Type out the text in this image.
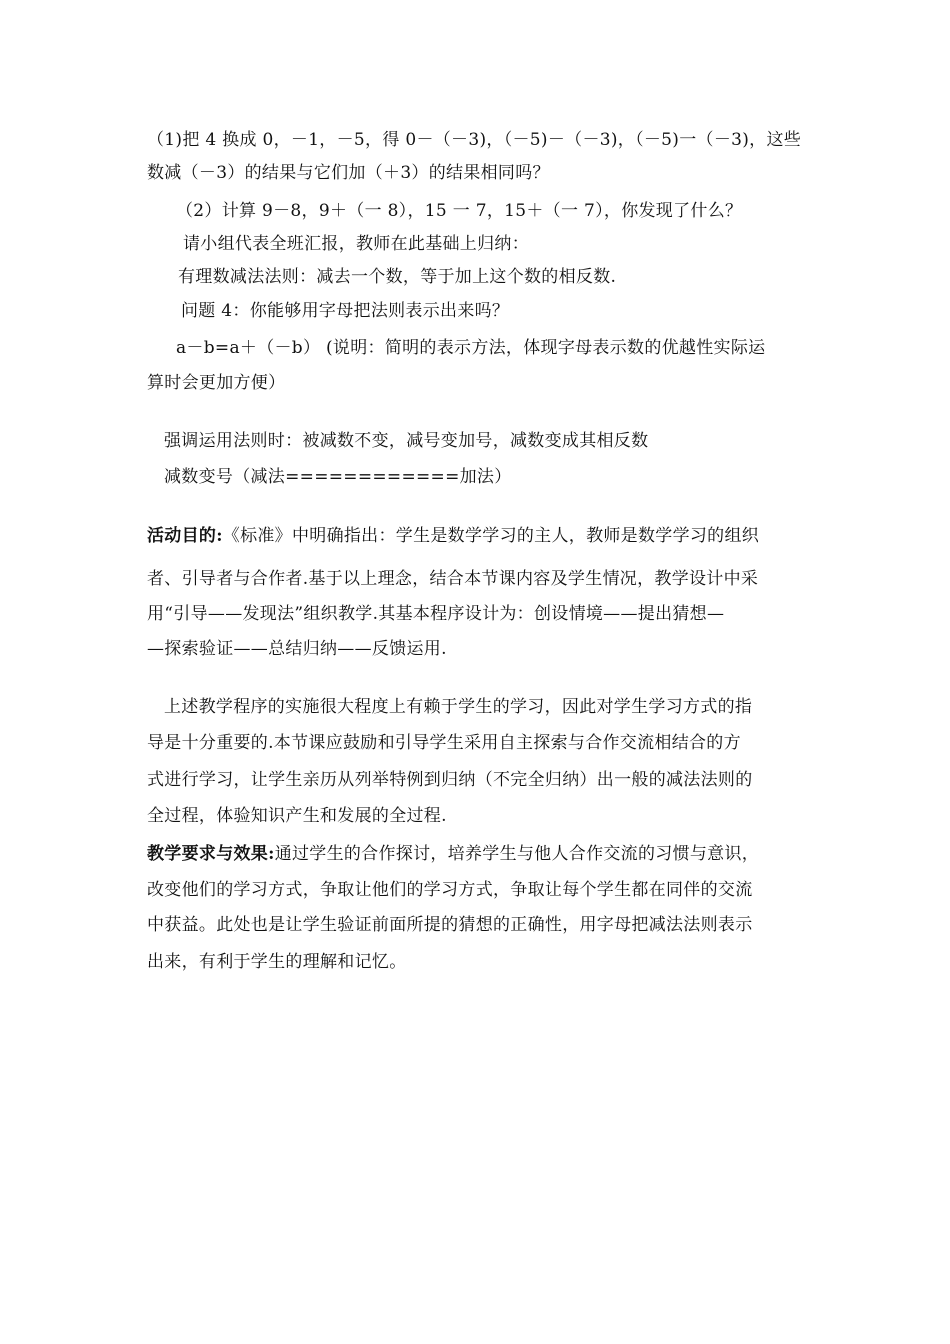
（1)把 4 换成 0，－1，－5，得 0－（－3)，（－5)－（－3)，（－5)一（－3)，这些
数减（－3）的结果与它们加（＋3）的结果相同吗？
（2）计算 9－8，9＋（一 8），15 一 7，15＋（一 7），你发现了什么？
请小组代表全班汇报，教师在此基础上归纳：
有理数减法法则：减去一个数，等于加上这个数的相反数.
问题 4：你能够用字母把法则表示出来吗？
a－b=a＋（－b） (说明：简明的表示方法，体现字母表示数的优越性实际运
算时会更加方便）
强调运用法则时：被减数不变，减号变加号，减数变成其相反数
减数变号（减法============加法）
活动目的:《标准》中明确指出：学生是数学学习的主人，教师是数学学习的组织
者、引导者与合作者.基于以上理念，结合本节课内容及学生情况，教学设计中采
用“引导——发现法”组织教学.其基本程序设计为：创设情境——提出猜想—
—探索验证——总结归纳——反馈运用.
上述教学程序的实施很大程度上有赖于学生的学习，因此对学生学习方式的指
导是十分重要的.本节课应鼓励和引导学生采用自主探索与合作交流相结合的方
式进行学习，让学生亲历从列举特例到归纳（不完全归纳）出一般的减法法则的
全过程，体验知识产生和发展的全过程.
教学要求与效果:通过学生的合作探讨，培养学生与他人合作交流的习惯与意识，
改变他们的学习方式，争取让他们的学习方式，争取让每个学生都在同伴的交流
中获益。此处也是让学生验证前面所提的猜想的正确性，用字母把减法法则表示
出来，有利于学生的理解和记忆。
